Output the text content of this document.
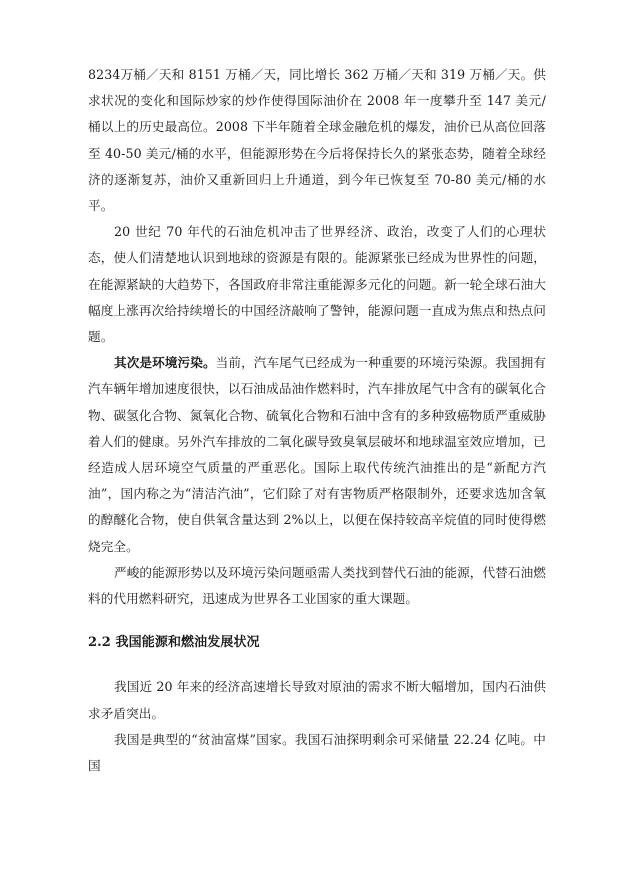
8234万桶／天和 8151 万桶／天，同比增长 362 万桶／天和 319 万桶／天。供求状况的变化和国际炒家的炒作使得国际油价在 2008 年一度攀升至 147 美元/桶以上的历史最高位。2008 下半年随着全球金融危机的爆发，油价已从高位回落至 40-50 美元/桶的水平，但能源形势在今后将保持长久的紧张态势，随着全球经济的逐渐复苏，油价又重新回归上升通道，到今年已恢复至 70-80 美元/桶的水平。

20 世纪 70 年代的石油危机冲击了世界经济、政治，改变了人们的心理状态，使人们清楚地认识到地球的资源是有限的。能源紧张已经成为世界性的问题，在能源紧缺的大趋势下，各国政府非常注重能源多元化的问题。新一轮全球石油大幅度上涨再次给持续增长的中国经济敲响了警钟，能源问题一直成为焦点和热点问题。

其次是环境污染。当前，汽车尾气已经成为一种重要的环境污染源。我国拥有汽车辆年增加速度很快，以石油成品油作燃料时，汽车排放尾气中含有的碳氧化合物、碳氢化合物、氮氧化合物、硫氧化合物和石油中含有的多种致癌物质严重威胁着人们的健康。另外汽车排放的二氧化碳导致臭氧层破坏和地球温室效应增加，已经造成人居环境空气质量的严重恶化。国际上取代传统汽油推出的是“新配方汽油”，国内称之为“清洁汽油”，它们除了对有害物质严格限制外，还要求选加含氧的醇醚化合物，使自供氧含量达到 2%以上，以便在保持较高辛烷值的同时使得燃烧完全。

严峻的能源形势以及环境污染问题亟需人类找到替代石油的能源，代替石油燃料的代用燃料研究，迅速成为世界各工业国家的重大课题。

2.2 我国能源和燃油发展状况

我国近 20 年来的经济高速增长导致对原油的需求不断大幅增加，国内石油供求矛盾突出。

我国是典型的“贫油富煤”国家。我国石油探明剩余可采储量 22.24 亿吨。中国
